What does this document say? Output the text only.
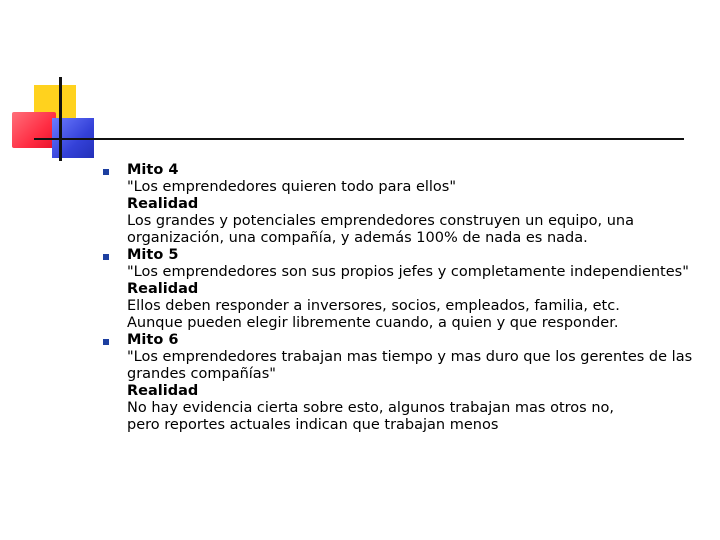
Mito 4
"Los emprendedores quieren todo para ellos"
Realidad
Los grandes y potenciales emprendedores construyen un equipo, una
organización, una compañía, y además 100% de nada es nada.
Mito 5
"Los emprendedores son sus propios jefes y completamente independientes"
Realidad
Ellos deben responder a inversores, socios, empleados, familia, etc.
Aunque pueden elegir libremente cuando, a quien y que responder.
Mito 6
"Los emprendedores trabajan mas tiempo y mas duro que los gerentes de las grandes compañías"
Realidad
No hay evidencia cierta sobre esto, algunos trabajan mas otros no,
pero reportes actuales indican que trabajan menos
